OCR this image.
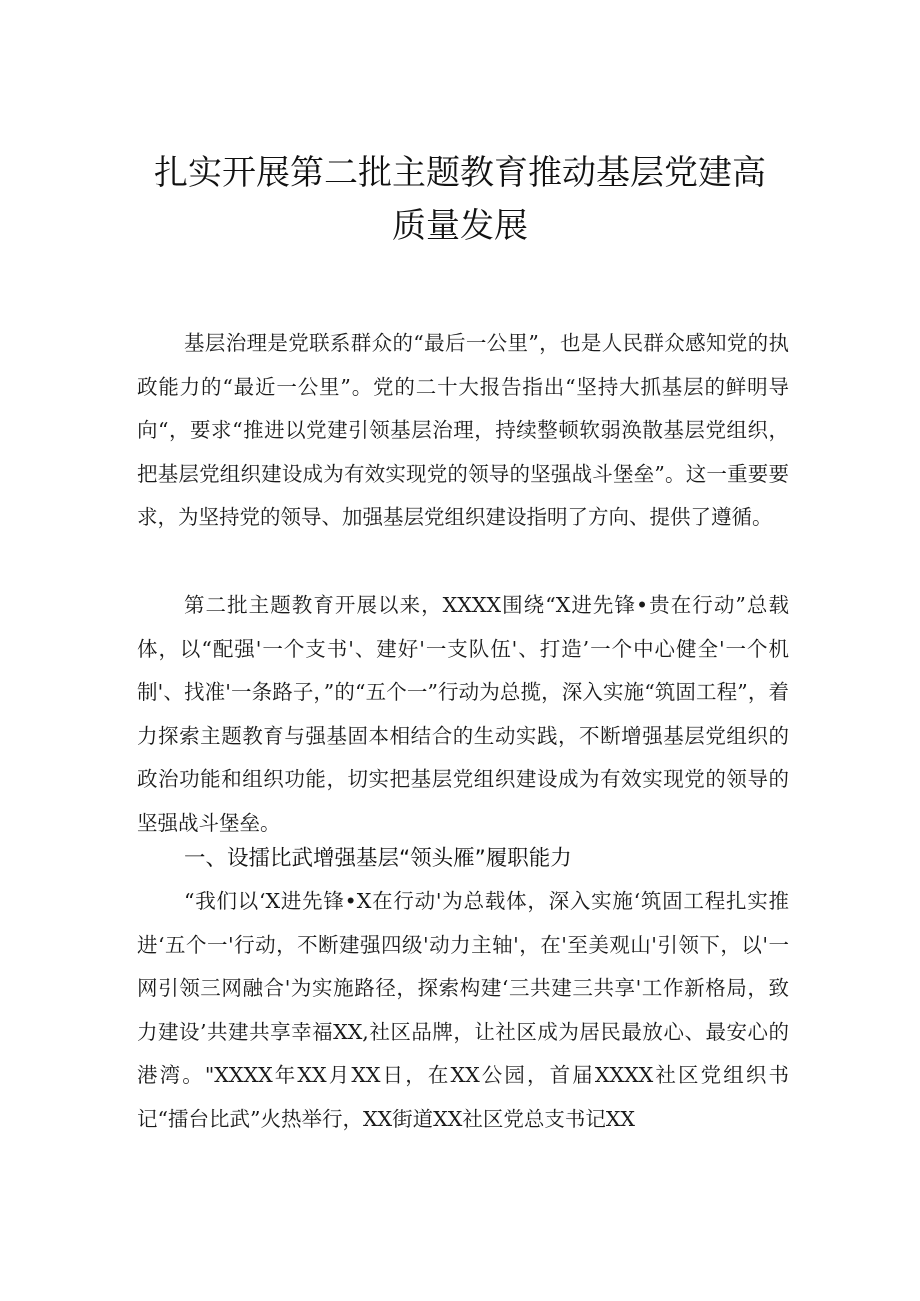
扎实开展第二批主题教育推动基层党建高
质量发展
基层治理是党联系群众的“最后一公里”，也是人民群众感知党的执政能力的“最近一公里”。党的二十大报告指出“坚持大抓基层的鲜明导向“，要求“推进以党建引领基层治理，持续整顿软弱涣散基层党组织，把基层党组织建设成为有效实现党的领导的坚强战斗堡垒”。这一重要要求，为坚持党的领导、加强基层党组织建设指明了方向、提供了遵循。
第二批主题教育开展以来，XXXX围绕“X进先锋•贵在行动”总载体，以“配强'一个支书'、建好'一支队伍'、打造’一个中心健全'一个机制'、找准'一条路子，”的“五个一”行动为总揽，深入实施“筑固工程”，着力探索主题教育与强基固本相结合的生动实践，不断增强基层党组织的政治功能和组织功能，切实把基层党组织建设成为有效实现党的领导的坚强战斗堡垒。
一、设擂比武增强基层“领头雁”履职能力
“我们以‘X进先锋•X在行动'为总载体，深入实施‘筑固工程扎实推进‘五个一'行动，不断建强四级'动力主轴'，在'至美观山'引领下，以'一网引领三网融合'为实施路径，探索构建‘三共建三共享'工作新格局，致力建设’共建共享幸福XX,社区品牌，让社区成为居民最放心、最安心的港湾。"XXXX年XX月XX日，在XX公园，首届XXXX社区党组织书记“擂台比武”火热举行，XX街道XX社区党总支书记XX
